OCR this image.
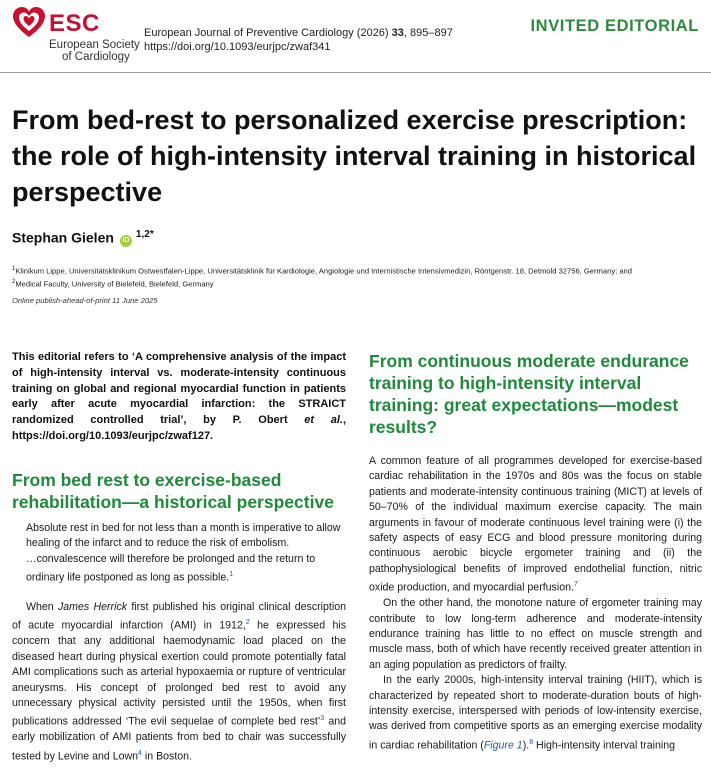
ESC
European Society
of Cardiology
European Journal of Preventive Cardiology (2026) 33, 895–897
https://doi.org/10.1093/eurjpc/zwaf341
INVITED EDITORIAL
From bed-rest to personalized exercise prescription: the role of high-intensity interval training in historical perspective
Stephan Gielen $iD^{1,2*}$
$^1$Klinikum Lippe, Universitätsklinikum Ostwestfalen-Lippe, Universitätsklinik für Kardiologie, Angiologie und Internistische Intensivmedizin, Röntgenstr. 18, Detmold 32756, Germany; and
$^2$Medical Faculty, University of Bielefeld, Bielefeld, Germany
Online publish-ahead-of-print 11 June 2025

This editorial refers to ‘A comprehensive analysis of the impact of high-intensity interval vs. moderate-intensity continuous training on global and regional myocardial function in patients early after acute myocardial infarction: the STRAICT randomized controlled trial’, by P. Obert et al., https://doi.org/10.1093/eurjpc/zwaf127.

From bed rest to exercise-based rehabilitation—a historical perspective

Absolute rest in bed for not less than a month is imperative to allow healing of the infarct and to reduce the risk of embolism.

…convalescence will therefore be prolonged and the return to ordinary life postponed as long as possible.$^1$

When James Herrick first published his original clinical description of acute myocardial infarction (AMI) in 1912,$^2$ he expressed his concern that any additional haemodynamic load placed on the diseased heart during physical exertion could promote potentially fatal AMI complications such as arterial hypoxaemia or rupture of ventricular aneurysms. His concept of prolonged bed rest to avoid any unnecessary physical activity persisted until the 1950s, when first publications addressed ‘The evil sequelae of complete bed rest’$^3$ and early mobilization of AMI patients from bed to chair was successfully tested by Levine and Lown$^4$ in Boston.

From continuous moderate endurance training to high-intensity interval training: great expectations—modest results?

A common feature of all programmes developed for exercise-based cardiac rehabilitation in the 1970s and 80s was the focus on stable patients and moderate-intensity continuous training (MICT) at levels of 50–70% of the individual maximum exercise capacity. The main arguments in favour of moderate continuous level training were (i) the safety aspects of easy ECG and blood pressure monitoring during continuous aerobic bicycle ergometer training and (ii) the pathophysiological benefits of improved endothelial function, nitric oxide production, and myocardial perfusion.$^7$

On the other hand, the monotone nature of ergometer training may contribute to low long-term adherence and moderate-intensity endurance training has little to no effect on muscle strength and muscle mass, both of which have recently received greater attention in an aging population as predictors of frailty.

In the early 2000s, high-intensity interval training (HIIT), which is characterized by repeated short to moderate-duration bouts of high-intensity exercise, interspersed with periods of low-intensity exercise, was derived from competitive sports as an emerging exercise modality in cardiac rehabilitation (Figure 1).$^8$ High-intensity interval training
